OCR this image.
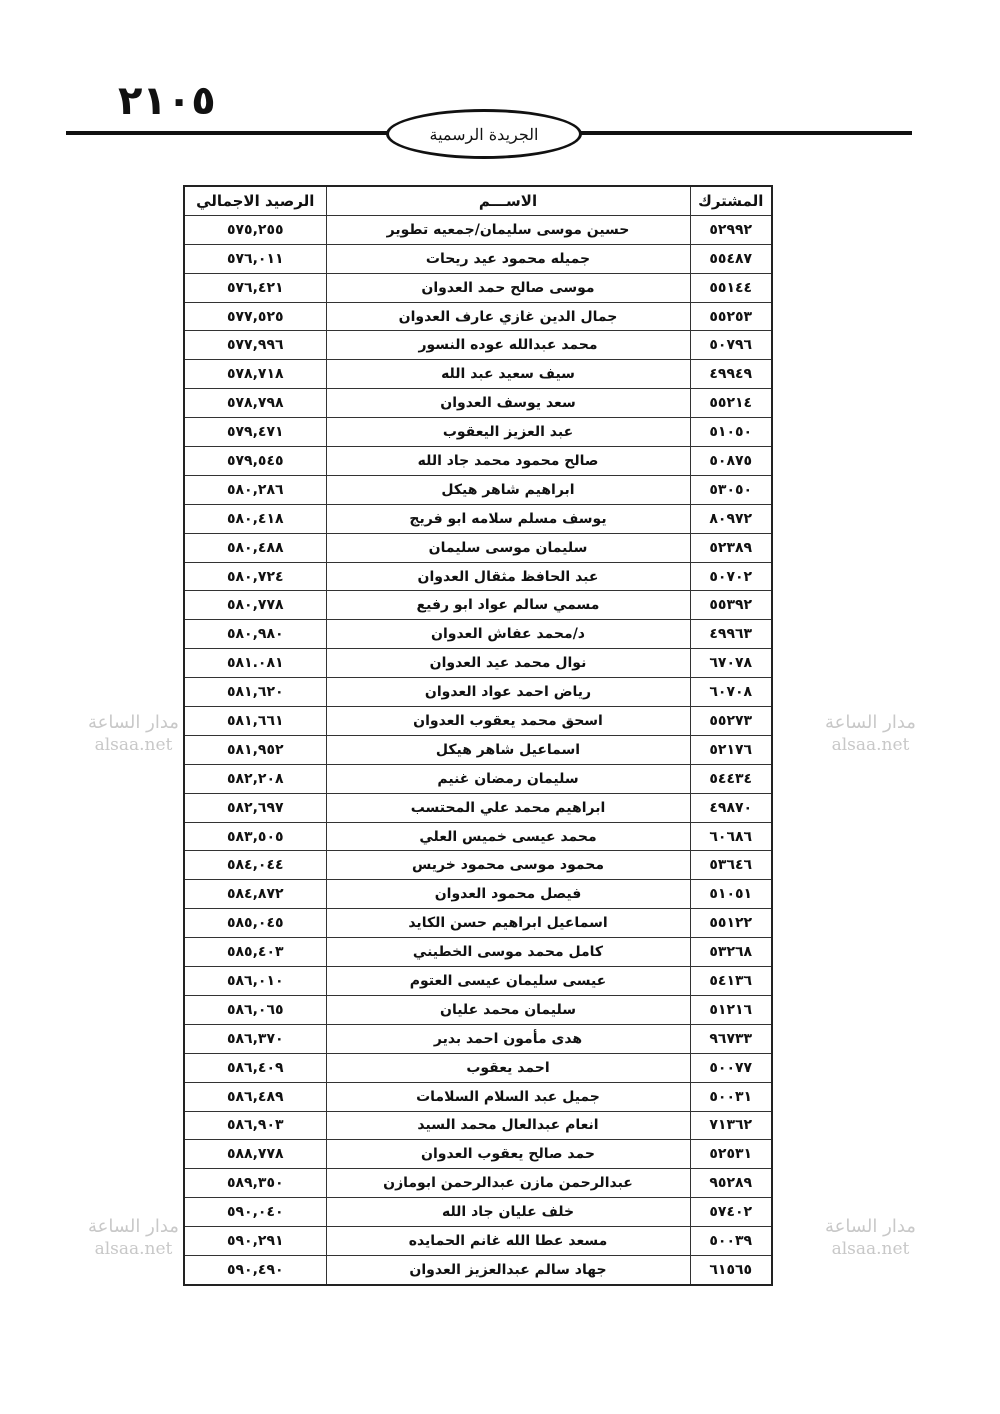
٢١٠٥
الجريدة الرسمية
المشترك	الاســـم	الرصيد الاجمالي
٥٢٩٩٢	حسين موسى سليمان/جمعيه تطوير	٥٧٥,٢٥٥
٥٥٤٨٧	جميله محمود عيد ريحات	٥٧٦,٠١١
٥٥١٤٤	موسى صالح حمد العدوان	٥٧٦,٤٢١
٥٥٢٥٣	جمال الدين غازي عارف العدوان	٥٧٧,٥٢٥
٥٠٧٩٦	محمد عبدالله عوده النسور	٥٧٧,٩٩٦
٤٩٩٤٩	سيف سعيد عبد الله	٥٧٨,٧١٨
٥٥٢١٤	سعد يوسف العدوان	٥٧٨,٧٩٨
٥١٠٥٠	عبد العزيز اليعقوب	٥٧٩,٤٧١
٥٠٨٧٥	صالح محمود محمد جاد الله	٥٧٩,٥٤٥
٥٣٠٥٠	ابراهيم شاهر هيكل	٥٨٠,٢٨٦
٨٠٩٧٢	يوسف مسلم سلامه ابو فريج	٥٨٠,٤١٨
٥٢٣٨٩	سليمان موسى سليمان	٥٨٠,٤٨٨
٥٠٧٠٢	عبد الحافظ مثقال العدوان	٥٨٠,٧٢٤
٥٥٣٩٢	مسمي سالم عواد ابو رفيع	٥٨٠,٧٧٨
٤٩٩٦٣	د/محمد عفاش العدوان	٥٨٠,٩٨٠
٦٧٠٧٨	نوال محمد عيد العدوان	٥٨١.٠٨١
٦٠٧٠٨	رياض احمد عواد العدوان	٥٨١,٦٢٠
٥٥٢٧٣	اسحق محمد يعقوب العدوان	٥٨١,٦٦١
٥٢١٧٦	اسماعيل شاهر هيكل	٥٨١,٩٥٢
٥٤٤٣٤	سليمان رمضان غنيم	٥٨٢,٢٠٨
٤٩٨٧٠	ابراهيم محمد علي المحتسب	٥٨٢,٦٩٧
٦٠٦٨٦	محمد عيسى خميس العلي	٥٨٣,٥٠٥
٥٣٦٤٦	محمود موسى محمود خريس	٥٨٤,٠٤٤
٥١٠٥١	فيصل محمود العدوان	٥٨٤,٨٧٢
٥٥١٢٢	اسماعيل ابراهيم حسن الكايد	٥٨٥,٠٤٥
٥٣٢٦٨	كامل محمد موسى الخطيني	٥٨٥,٤٠٣
٥٤١٣٦	عيسى سليمان عيسى العتوم	٥٨٦,٠١٠
٥١٢١٦	سليمان محمد عليان	٥٨٦,٠٦٥
٩٦٧٣٣	هدى مأمون احمد بدير	٥٨٦,٣٧٠
٥٠٠٧٧	احمد يعقوب	٥٨٦,٤٠٩
٥٠٠٣١	جميل عبد السلام السلامات	٥٨٦,٤٨٩
٧١٣٦٢	انعام عبدالعال محمد السيد	٥٨٦,٩٠٣
٥٢٥٣١	حمد صالح يعقوب العدوان	٥٨٨,٧٧٨
٩٥٢٨٩	عبدالرحمن مازن عبدالرحمن ابومازن	٥٨٩,٣٥٠
٥٧٤٠٢	خلف عليان جاد الله	٥٩٠,٠٤٠
٥٠٠٣٩	مسعد عطا الله غانم الحمايده	٥٩٠,٢٩١
٦١٥٦٥	جهاد سالم عبدالعزيز العدوان	٥٩٠,٤٩٠
مدار الساعة
alsaa.net
مدار الساعة
alsaa.net
مدار الساعة
alsaa.net
مدار الساعة
alsaa.net
